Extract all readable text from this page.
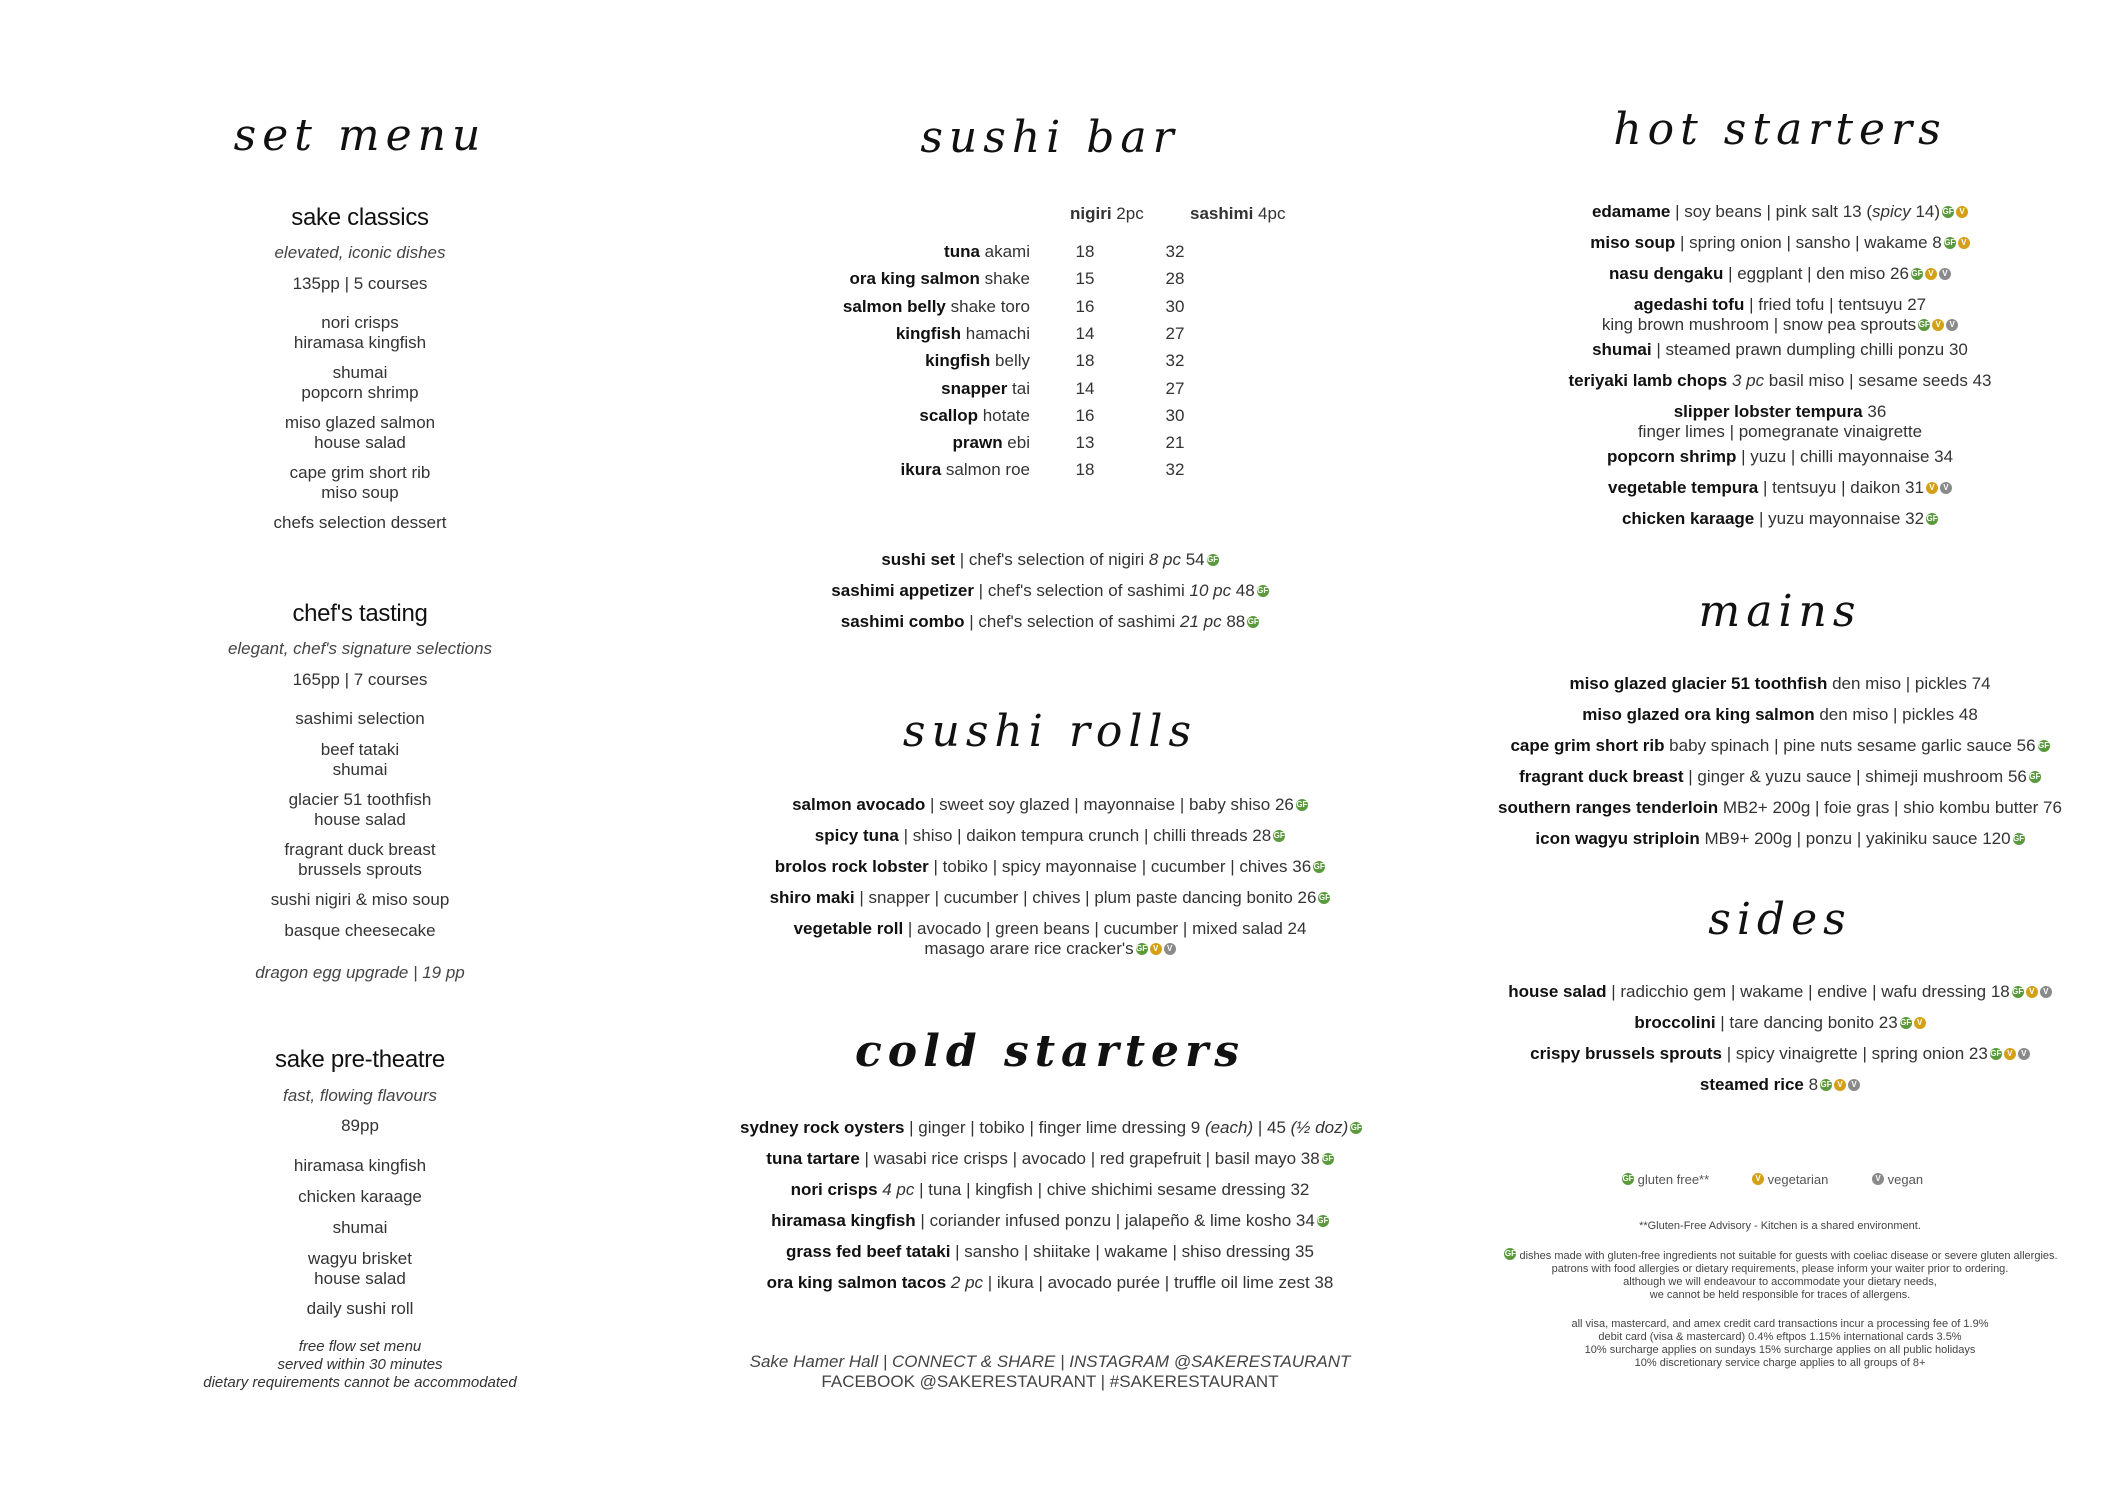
set menu
sake classics
elevated, iconic dishes
135pp | 5 courses
nori crisps
hiramasa kingfish
shumai
popcorn shrimp
miso glazed salmon
house salad
cape grim short rib
miso soup
chefs selection dessert
chef's tasting
elegant, chef's signature selections
165pp | 7 courses
sashimi selection
beef tataki
shumai
glacier 51 toothfish
house salad
fragrant duck breast
brussels sprouts
sushi nigiri & miso soup
basque cheesecake
dragon egg upgrade | 19 pp
sake pre-theatre
fast, flowing flavours
89pp
hiramasa kingfish
chicken karaage
shumai
wagyu brisket
house salad
daily sushi roll
free flow set menu
served within 30 minutes
dietary requirements cannot be accommodated
sushi bar
nigiri 2pc	sashimi 4pc
tuna akami	18	32
ora king salmon shake	15	28
salmon belly shake toro	16	30
kingfish hamachi	14	27
kingfish belly	18	32
snapper tai	14	27
scallop hotate	16	30
prawn ebi	13	21
ikura salmon roe	18	32
sushi set | chef's selection of nigiri 8 pc 54 GF
sashimi appetizer | chef's selection of sashimi 10 pc 48 GF
sashimi combo | chef's selection of sashimi 21 pc 88 GF
sushi rolls
salmon avocado | sweet soy glazed | mayonnaise | baby shiso 26 GF
spicy tuna | shiso | daikon tempura crunch | chilli threads 28 GF
brolos rock lobster | tobiko | spicy mayonnaise | cucumber | chives 36 GF
shiro maki | snapper | cucumber | chives | plum paste dancing bonito 26 GF
vegetable roll | avocado | green beans | cucumber | mixed salad 24
masago arare rice cracker's GF V V
cold starters
sydney rock oysters | ginger | tobiko | finger lime dressing 9 (each) | 45 (½ doz) GF
tuna tartare | wasabi rice crisps | avocado | red grapefruit | basil mayo 38 GF
nori crisps 4 pc | tuna | kingfish | chive shichimi sesame dressing 32
hiramasa kingfish | coriander infused ponzu | jalapeño & lime kosho 34 GF
grass fed beef tataki | sansho | shiitake | wakame | shiso dressing 35
ora king salmon tacos 2 pc | ikura | avocado purée | truffle oil lime zest 38
Sake Hamer Hall | CONNECT & SHARE | INSTAGRAM @SAKERESTAURANT
FACEBOOK @SAKERESTAURANT | #SAKERESTAURANT
hot starters
edamame | soy beans | pink salt 13 (spicy 14) GF V
miso soup | spring onion | sansho | wakame 8 GF V
nasu dengaku | eggplant | den miso 26 GF V V
agedashi tofu | fried tofu | tentsuyu 27
king brown mushroom | snow pea sprouts GF V V
shumai | steamed prawn dumpling chilli ponzu 30
teriyaki lamb chops 3 pc basil miso | sesame seeds 43
slipper lobster tempura 36
finger limes | pomegranate vinaigrette
popcorn shrimp | yuzu | chilli mayonnaise 34
vegetable tempura | tentsuyu | daikon 31 V V
chicken karaage | yuzu mayonnaise 32 GF
mains
miso glazed glacier 51 toothfish den miso | pickles 74
miso glazed ora king salmon den miso | pickles 48
cape grim short rib baby spinach | pine nuts sesame garlic sauce 56 GF
fragrant duck breast | ginger & yuzu sauce | shimeji mushroom 56 GF
southern ranges tenderloin MB2+ 200g | foie gras | shio kombu butter 76
icon wagyu striploin MB9+ 200g | ponzu | yakiniku sauce 120 GF
sides
house salad | radicchio gem | wakame | endive | wafu dressing 18 GF V V
broccolini | tare dancing bonito 23 GF V
crispy brussels sprouts | spicy vinaigrette | spring onion 23 GF V V
steamed rice 8 GF V V
GF gluten free**	V vegetarian	V vegan
**Gluten-Free Advisory - Kitchen is a shared environment.
GF dishes made with gluten-free ingredients not suitable for guests with coeliac disease or severe gluten allergies.
patrons with food allergies or dietary requirements, please inform your waiter prior to ordering.
although we will endeavour to accommodate your dietary needs,
we cannot be held responsible for traces of allergens.
all visa, mastercard, and amex credit card transactions incur a processing fee of 1.9%
debit card (visa & mastercard) 0.4% eftpos 1.15% international cards 3.5%
10% surcharge applies on sundays 15% surcharge applies on all public holidays
10% discretionary service charge applies to all groups of 8+
